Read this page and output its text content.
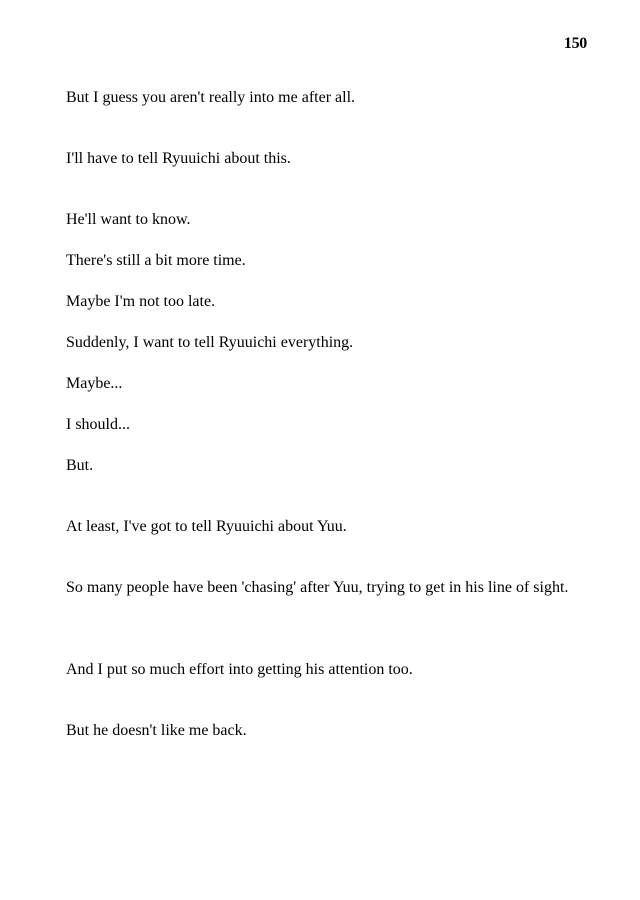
150

But I guess you aren't really into me after all.

I'll have to tell Ryuuichi about this.

He'll want to know.

There's still a bit more time.

Maybe I'm not too late.

Suddenly, I want to tell Ryuuichi everything.

Maybe...

I should...

But.

At least, I've got to tell Ryuuichi about Yuu.

So many people have been 'chasing' after Yuu, trying to get in his line of sight.

And I put so much effort into getting his attention too.

But he doesn't like me back.
